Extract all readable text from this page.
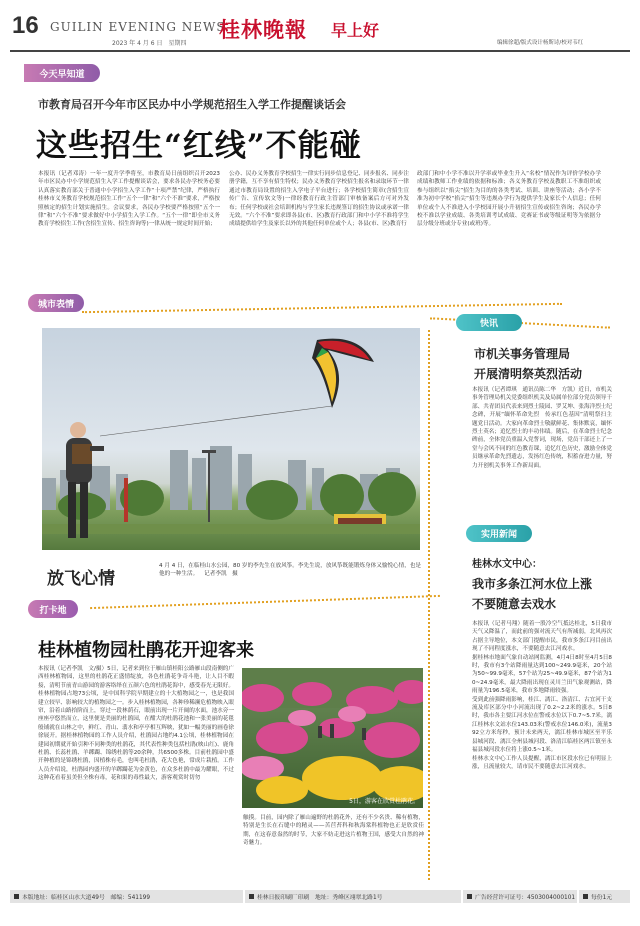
16 GUILIN EVENING NEWS
2023 年 4 月 6 日　星期四
桂林晚報 早上好
编辑徐超/版式设计杨斯诗/校对韦红
今天早知道
市教育局召开今年市区民办中小学规范招生入学工作提醒谈话会
这些招生“红线”不能碰
本报讯（记者邓涛）一年一度升学季将至，市教育局日前组织召开2023年市区民办中小学规范招生入学工作提醒谈话会，要求各民办学校务必要认真落实教育部关于普通中小学招生入学工作“十项严禁”纪律，严格执行桂林市义务教育学校规范招生工作“五个一律”和“六个不准”要求，严格按照核定的招生计划实施招生。会议要求，各民办学校要严格按照“五个一律”和“六个不准”要求做好中小学招生入学工作。“五个一律”即全市义务教育学校招生工作(含招生宣传、招生咨询等)一律从统一规定时间开始；
公办、民办义务教育学校招生一律实行同步信息登记、同步报名、同步注册学籍，互不享有招生特权；民办义务教育学校招生报名和录取环节一律通过市教育局设置的招生入学电子平台进行；各学校招生简章(含招生宣传广告、宣传软文等)一律经教育行政主管部门审核备案后方可对外发布；任何学校或社会培训机构与学生家长违规签订的招生协议或承诺一律无效。“六个不准”要求即各县(市、区)教育行政部门和中小学不准将学生成绩提供给学生及家长以外的其他任何单位或个人；各县(市、区)教育行
政部门和中小学不准以升学率或毕业生升入“名校”情况作为评价学校办学成绩和教师工作业绩的依据和标准；各义务教育学校及教职工不准组织或参与组织以“掐尖”招生为目的的各类考试、培训、讲座等活动；各小学不准为初中学校“掐尖”招生等违规办学行为提供学生及家长个人信息；任何单位或个人不准进入小学校园开展小升初招生宣传或招生咨询；各民办学校不准以学业成绩、各类培训考试成绩、竞赛证书或等级证明等为依据分层分级分班或分专业(或班)等。
城市表情
放飞心情
4 月 4 日，在临桂山水公园，80 岁的李先生在放风筝。李先生说，放风筝既能锻炼身体又愉悦心情，也是他的一种生活。 记者李凯　摄
快讯
市机关事务管理局
开展清明祭英烈活动
本报讯（记者谭琪　通讯员陈二华　方凯）近日，市机关事务管理局机关党委组织机关及局属单位部分党员领导干部、共青团员代表来到烈士陵园、罗艾坤、张海洋烈士纪念碑，开展“缅怀革命先烈　传承红色基因”清明祭扫主题党日活动。大家向革命烈士敬献鲜花、集体默哀，缅怀烈士英名；追忆烈士的丰功伟绩。随后，在革命烈士纪念碑前，全体党员重温入党誓词，现场，党员干部还上了一堂与会风不同的红色教育课，追忆红色历史，激励全体党员继承革命先烈遗志，发扬红色传统，积蓄奋进力量，努力开创机关事务工作新局面。
实用新闻
桂林水文中心：
我市多条江河水位上涨
不要随意去戏水

本报讯（记者马翔）随着一股冷空气抵达桂北，5日我市天气又降温了，而此前的强对流天气有所减弱，北风再次占据主导地位，本文部门提醒市民，我市多条江河目前出现了不同程度涨水，不要随意去江河戏水。

据桂林市地面气象自动站网监测，4月4日8时至4月5日8时，我市有3个站降雨量达到100~249.9毫米，20个站为50~99.9毫米，57个站为25~49.9毫米，87个站为10~24.9毫米，最大降雨出现在灵川兰田气象观测站，降雨量为196.5毫米，我市多地降雨较强。

受到此前强降雨影响，桂江、漓江、洛清江、古宜河干支流及库区部分中小河流出现了0.2~2.2米的涨水。5日8时，我市各主要江河水位在警戒水位以下0.7~5.7米。漓江桂林水文站水位143.03米(警戒水位146.0米)，流量392立方米每秒，预计未来两天，漓江桂林市城区至平乐县城河段、漓江全州县城河段、洛清江临桂区两江镇至永福县城河段水位将上涨0.5~1米。

桂林水文中心工作人员提醒，漓江市区段水位已有明显上涨，且流量较大，请市民不要随意去江河戏水。

打卡地
桂林植物园杜鹃花开迎客来
本报讯（记者李凯　文/摄）5日，记者来到位于雁山镇桂阳公路雁山段南侧的广西桂林植物园，这里的杜鹃花正盛情绽放，各色杜鹃花争奇斗艳，让人目不暇接，清明节前青山游园的游客络绎在五颜六色的杜鹃花海中，感受春光无限好。桂林植物园占地73公顷，是中国科学院早期建立的十大植物园之一，也是我国建立较早、影响较大的植物园之一。步入桂林植物园，各种珍稀濒危植物映入眼帘，沿着山路拾阶而上，穿过一段林荫石，眼前出现一片开阔的水面，池水旁一座座亭悠然而立，这里便是美丽的杜鹃园，在酣大的杜鹃花池和一张美丽的花毯般铺就在山林之中，鲜红、青山、翡水和亭亭相互辉映，犹如一幅美丽的画卷徐徐展开。据桂林植物园的工作人员介绍，杜鹃园占地约4.1公顷，桂林植物园在建园初期就开始引种不同种类的杜鹃花，其代表性种类包括杜鹃(映山红)、鹿角杜鹃、长蕊杜鹃、羊踯躅、锦绣杜鹃等20余种，共6500多株。目前杜鹃园中盛开种植的是锦绣杜鹃，因植株有毛，也叫毛杜鹃，花大色艳，常成片栽植。工作人员介绍说，杜鹃园内盛开的羊踯躅花为金黄色，在众多杜鹃中最为耀眼，不过这种花看着虽美但全株有毒，花和果的毒性最大，游客观赏时切勿
5日，游客在欣赏杜鹃花。
触摸。目前，园内除了雁山遍野的杜鹃花外，还有不少名贵、稀有植物，特别是生长在石缝中的精灵——苦苣苔科和秋海棠科植物也正是欣赏佳期，在这春意盎然的时节，大家不妨走进这片植物王国，感受大自然的神奇魅力。
本版地址：临桂区山水大道49号　邮编：541199	桂林日报印刷厂印刷　地址：秀峰区翊翠北路1号	广告经营许可证号：4503004000101	每份1元
